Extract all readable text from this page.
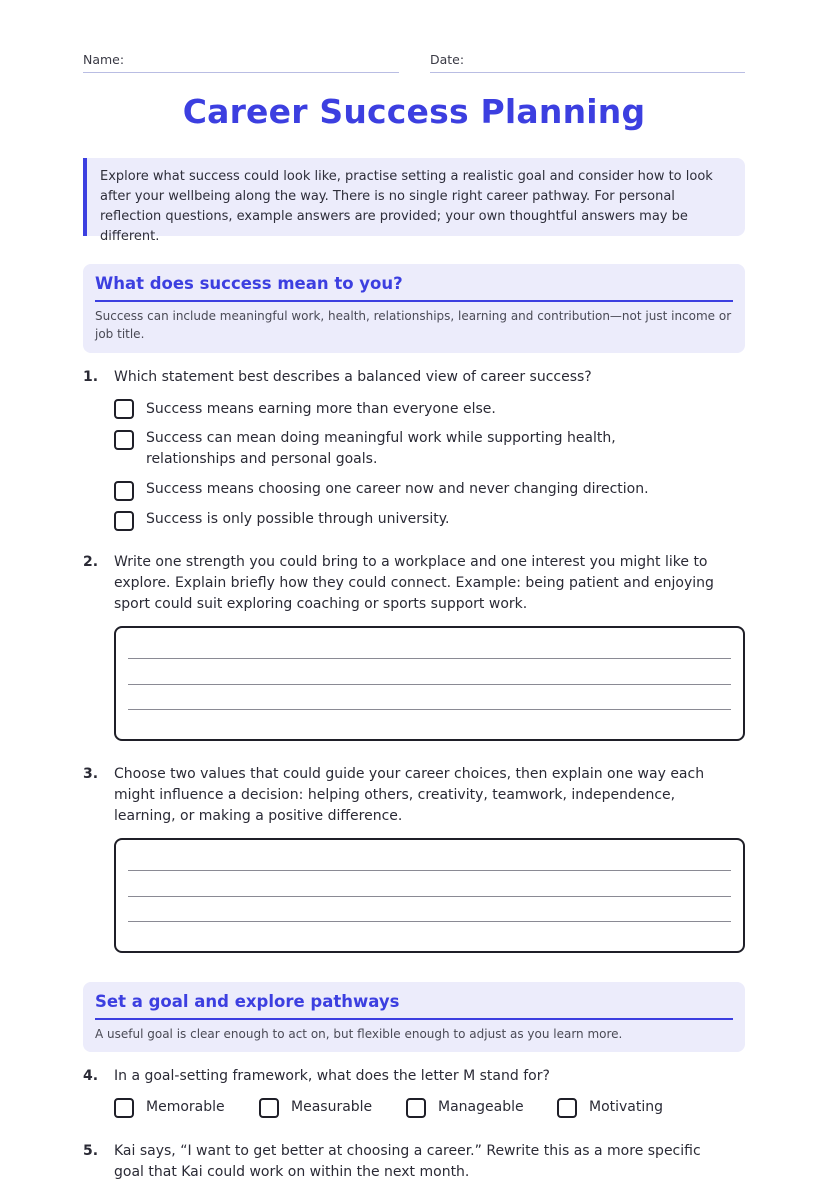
Name:	Date:
Career Success Planning
Explore what success could look like, practise setting a realistic goal and consider how to look after your wellbeing along the way. There is no single right career pathway. For personal reflection questions, example answers are provided; your own thoughtful answers may be different.
What does success mean to you?
Success can include meaningful work, health, relationships, learning and contribution—not just income or job title.
1. Which statement best describes a balanced view of career success?
Success means earning more than everyone else.
Success can mean doing meaningful work while supporting health, relationships and personal goals.
Success means choosing one career now and never changing direction.
Success is only possible through university.
2. Write one strength you could bring to a workplace and one interest you might like to explore. Explain briefly how they could connect. Example: being patient and enjoying sport could suit exploring coaching or sports support work.
3. Choose two values that could guide your career choices, then explain one way each might influence a decision: helping others, creativity, teamwork, independence, learning, or making a positive difference.
Set a goal and explore pathways
A useful goal is clear enough to act on, but flexible enough to adjust as you learn more.
4. In a goal-setting framework, what does the letter M stand for?
Memorable	Measurable	Manageable	Motivating
5. Kai says, “I want to get better at choosing a career.” Rewrite this as a more specific goal that Kai could work on within the next month.
